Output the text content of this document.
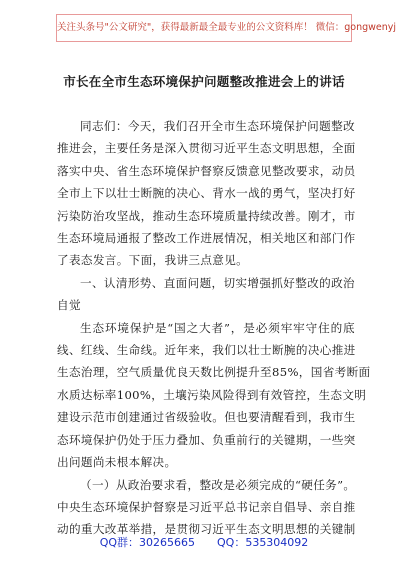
关注头条号"公文研究"，获得最新最全最专业的公文资料库！ 微信：gongwenyj
市长在全市生态环境保护问题整改推进会上的讲话
同志们：今天，我们召开全市生态环境保护问题整改
推进会，主要任务是深入贯彻习近平生态文明思想，全面
落实中央、省生态环境保护督察反馈意见整改要求，动员
全市上下以壮士断腕的决心、背水一战的勇气，坚决打好
污染防治攻坚战，推动生态环境质量持续改善。刚才，市
生态环境局通报了整改工作进展情况，相关地区和部门作
了表态发言。下面，我讲三点意见。
一、认清形势、直面问题，切实增强抓好整改的政治
自觉
生态环境保护是“国之大者”，是必须牢牢守住的底
线、红线、生命线。近年来，我们以壮士断腕的决心推进
生态治理，空气质量优良天数比例提升至85%，国省考断面
水质达标率100%，土壤污染风险得到有效管控，生态文明
建设示范市创建通过省级验收。但也要清醒看到，我市生
态环境保护仍处于压力叠加、负重前行的关键期，一些突
出问题尚未根本解决。
（一）从政治要求看，整改是必须完成的“硬任务”。
中央生态环境保护督察是习近平总书记亲自倡导、亲自推
动的重大改革举措，是贯彻习近平生态文明思想的关键制
QQ群：30265665 QQ：535304092
